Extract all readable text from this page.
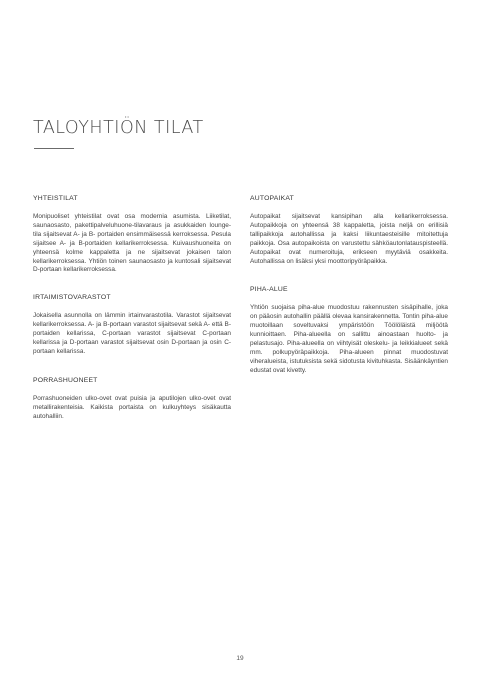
TALOYHTIÖN TILAT

YHTEISTILAT

Monipuoliset yhteistilat ovat osa modernia asumista. Liiketilat, saunaosasto, pakettipalveluhuone-tilavaraus ja asukkaiden lounge-tila sijaitsevat A- ja B- portaiden ensimmäisessä kerroksessa. Pesula sijaitsee A- ja B-portaiden kellarikerroksessa. Kuivaushuoneita on yhteensä kolme kappaletta ja ne sijaitsevat jokaisen talon kellarikerroksessa. Yhtiön toinen saunaosasto ja kuntosali sijaitsevat D-portaan kellarikerroksessa.

IRTAIMISTOVARASTOT

Jokaisella asunnolla on lämmin irtainvarastotila. Varastot sijaitsevat kellarikerroksessa. A- ja B-portaan varastot sijaitsevat sekä A- että B-portaiden kellarissa, C-portaan varastot sijaitsevat C-portaan kellarissa ja D-portaan varastot sijaitsevat osin D-portaan ja osin C-portaan kellarissa.

PORRASHUONEET

Porrashuoneiden ulko-ovet ovat puisia ja aputilojen ulko-ovet ovat metallirakenteisia. Kaikista portaista on kulkuyhteys sisäkautta autohalliin.

AUTOPAIKAT

Autopaikat sijaitsevat kansipihan alla kellarikerroksessa. Autopaikkoja on yhteensä 38 kappaletta, joista neljä on erillisiä tallipaikkoja autohallissa ja kaksi liikuntaesteisille mitoitettuja paikkoja. Osa autopaikoista on varustettu sähköautonlatauspisteellä. Autopaikat ovat numeroituja, erikseen myytäviä osakkeita. Autohallissa on lisäksi yksi moottoripyöräpaikka.

PIHA-ALUE

Yhtiön suojaisa piha-alue muodostuu rakennusten sisäpihalle, joka on pääosin autohallin päällä olevaa kansirakennetta. Tontin piha-alue muotoillaan soveltuvaksi ympäristöön Töölöläistä miljöötä kunnioittaen. Piha-alueella on sallittu ainoastaan huolto- ja pelastusajo. Piha-alueella on viihtyisät oleskelu- ja leikkialueet sekä mm. polkupyöräpaikkoja. Piha-alueen pinnat muodostuvat viheralueista, istutuksista sekä sidotusta kivituhkasta. Sisäänkäyntien edustat ovat kivetty.

19
